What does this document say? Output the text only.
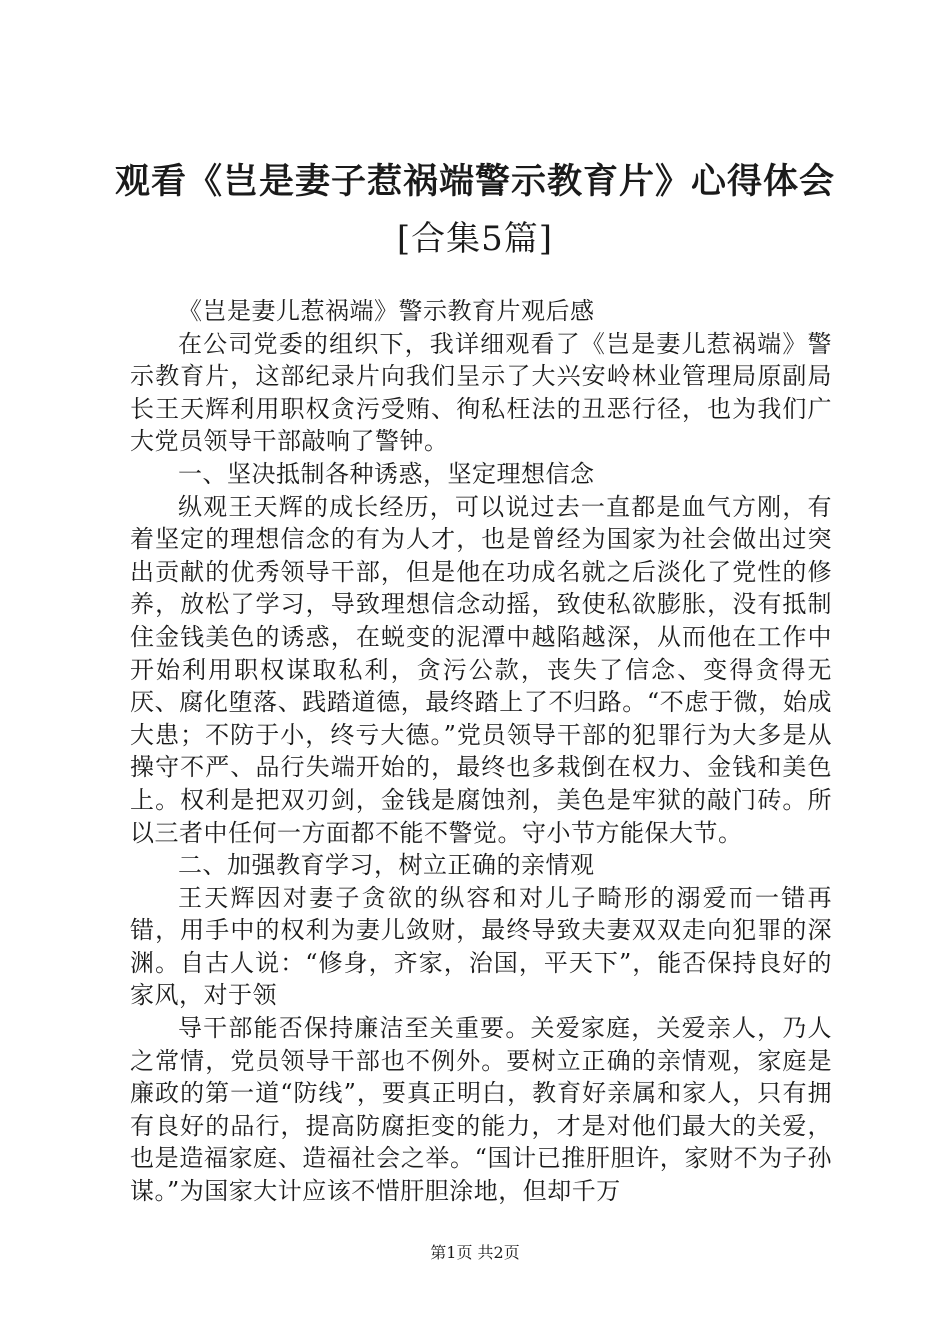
观看《岂是妻子惹祸端警示教育片》心得体会
[合集5篇]

《岂是妻儿惹祸端》警示教育片观后感

在公司党委的组织下，我详细观看了《岂是妻儿惹祸端》警示教育片，这部纪录片向我们呈示了大兴安岭林业管理局原副局长王天辉利用职权贪污受贿、徇私枉法的丑恶行径，也为我们广大党员领导干部敲响了警钟。

一、坚决抵制各种诱惑，坚定理想信念

纵观王天辉的成长经历，可以说过去一直都是血气方刚，有着坚定的理想信念的有为人才，也是曾经为国家为社会做出过突出贡献的优秀领导干部，但是他在功成名就之后淡化了党性的修养，放松了学习，导致理想信念动摇，致使私欲膨胀，没有抵制住金钱美色的诱惑，在蜕变的泥潭中越陷越深，从而他在工作中开始利用职权谋取私利，贪污公款，丧失了信念、变得贪得无厌、腐化堕落、践踏道德，最终踏上了不归路。“不虑于微，始成大患；不防于小，终亏大德。”党员领导干部的犯罪行为大多是从操守不严、品行失端开始的，最终也多栽倒在权力、金钱和美色上。权利是把双刃剑，金钱是腐蚀剂，美色是牢狱的敲门砖。所以三者中任何一方面都不能不警觉。守小节方能保大节。

二、加强教育学习，树立正确的亲情观

王天辉因对妻子贪欲的纵容和对儿子畸形的溺爱而一错再错，用手中的权利为妻儿敛财，最终导致夫妻双双走向犯罪的深渊。自古人说：“修身，齐家，治国，平天下”，能否保持良好的家风，对于领

导干部能否保持廉洁至关重要。关爱家庭，关爱亲人，乃人之常情，党员领导干部也不例外。要树立正确的亲情观，家庭是廉政的第一道“防线”，要真正明白，教育好亲属和家人，只有拥有良好的品行，提高防腐拒变的能力，才是对他们最大的关爱，也是造福家庭、造福社会之举。“国计已推肝胆许，家财不为子孙谋。”为国家大计应该不惜肝胆涂地，但却千万

第1页 共2页
